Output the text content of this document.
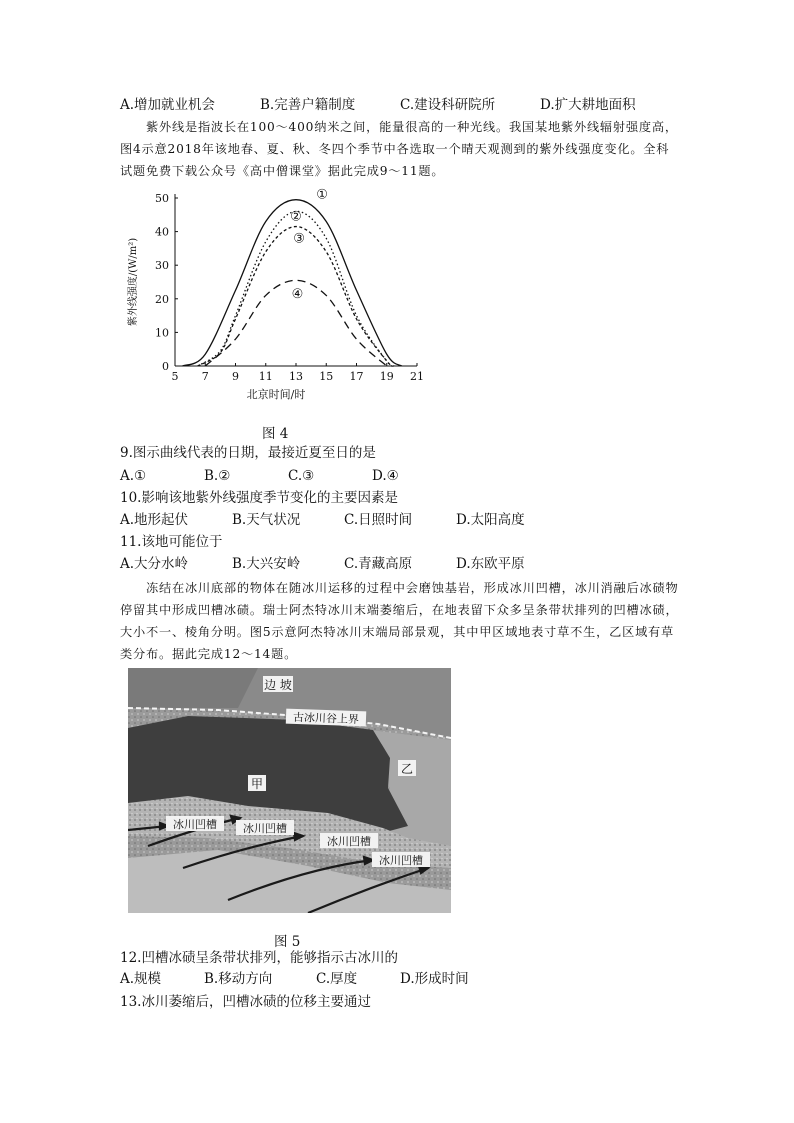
A.增加就业机会	B.完善户籍制度	C.建设科研院所	D.扩大耕地面积
紫外线是指波长在100～400纳米之间，能量很高的一种光线。我国某地紫外线辐射强度高，图4示意2018年该地春、夏、秋、冬四个季节中各选取一个晴天观测到的紫外线强度变化。全科试题免费下载公众号《高中僧课堂》据此完成9～11题。
5 7 9 11 13 15 17 19 21
0
10
20
30
40
50
北京时间/时
紫外线强度/(W/m²)
①
②
③
④
图 4
9.图示曲线代表的日期，最接近夏至日的是
A.①	B.②	C.③	D.④
10.影响该地紫外线强度季节变化的主要因素是
A.地形起伏	B.天气状况	C.日照时间	D.太阳高度
11.该地可能位于
A.大分水岭	B.大兴安岭	C.青藏高原	D.东欧平原
冻结在冰川底部的物体在随冰川运移的过程中会磨蚀基岩，形成冰川凹槽，冰川消融后冰碛物停留其中形成凹槽冰碛。瑞士阿杰特冰川末端萎缩后，在地表留下众多呈条带状排列的凹槽冰碛，大小不一、棱角分明。图5示意阿杰特冰川末端局部景观，其中甲区域地表寸草不生，乙区域有草类分布。据此完成12～14题。
边 坡
古冰川谷上界
甲
乙
冰川凹槽 冰川凹槽
冰川凹槽
冰川凹槽
图 5
12.凹槽冰碛呈条带状排列，能够指示古冰川的
A.规模	B.移动方向	C.厚度	D.形成时间
13.冰川萎缩后，凹槽冰碛的位移主要通过
